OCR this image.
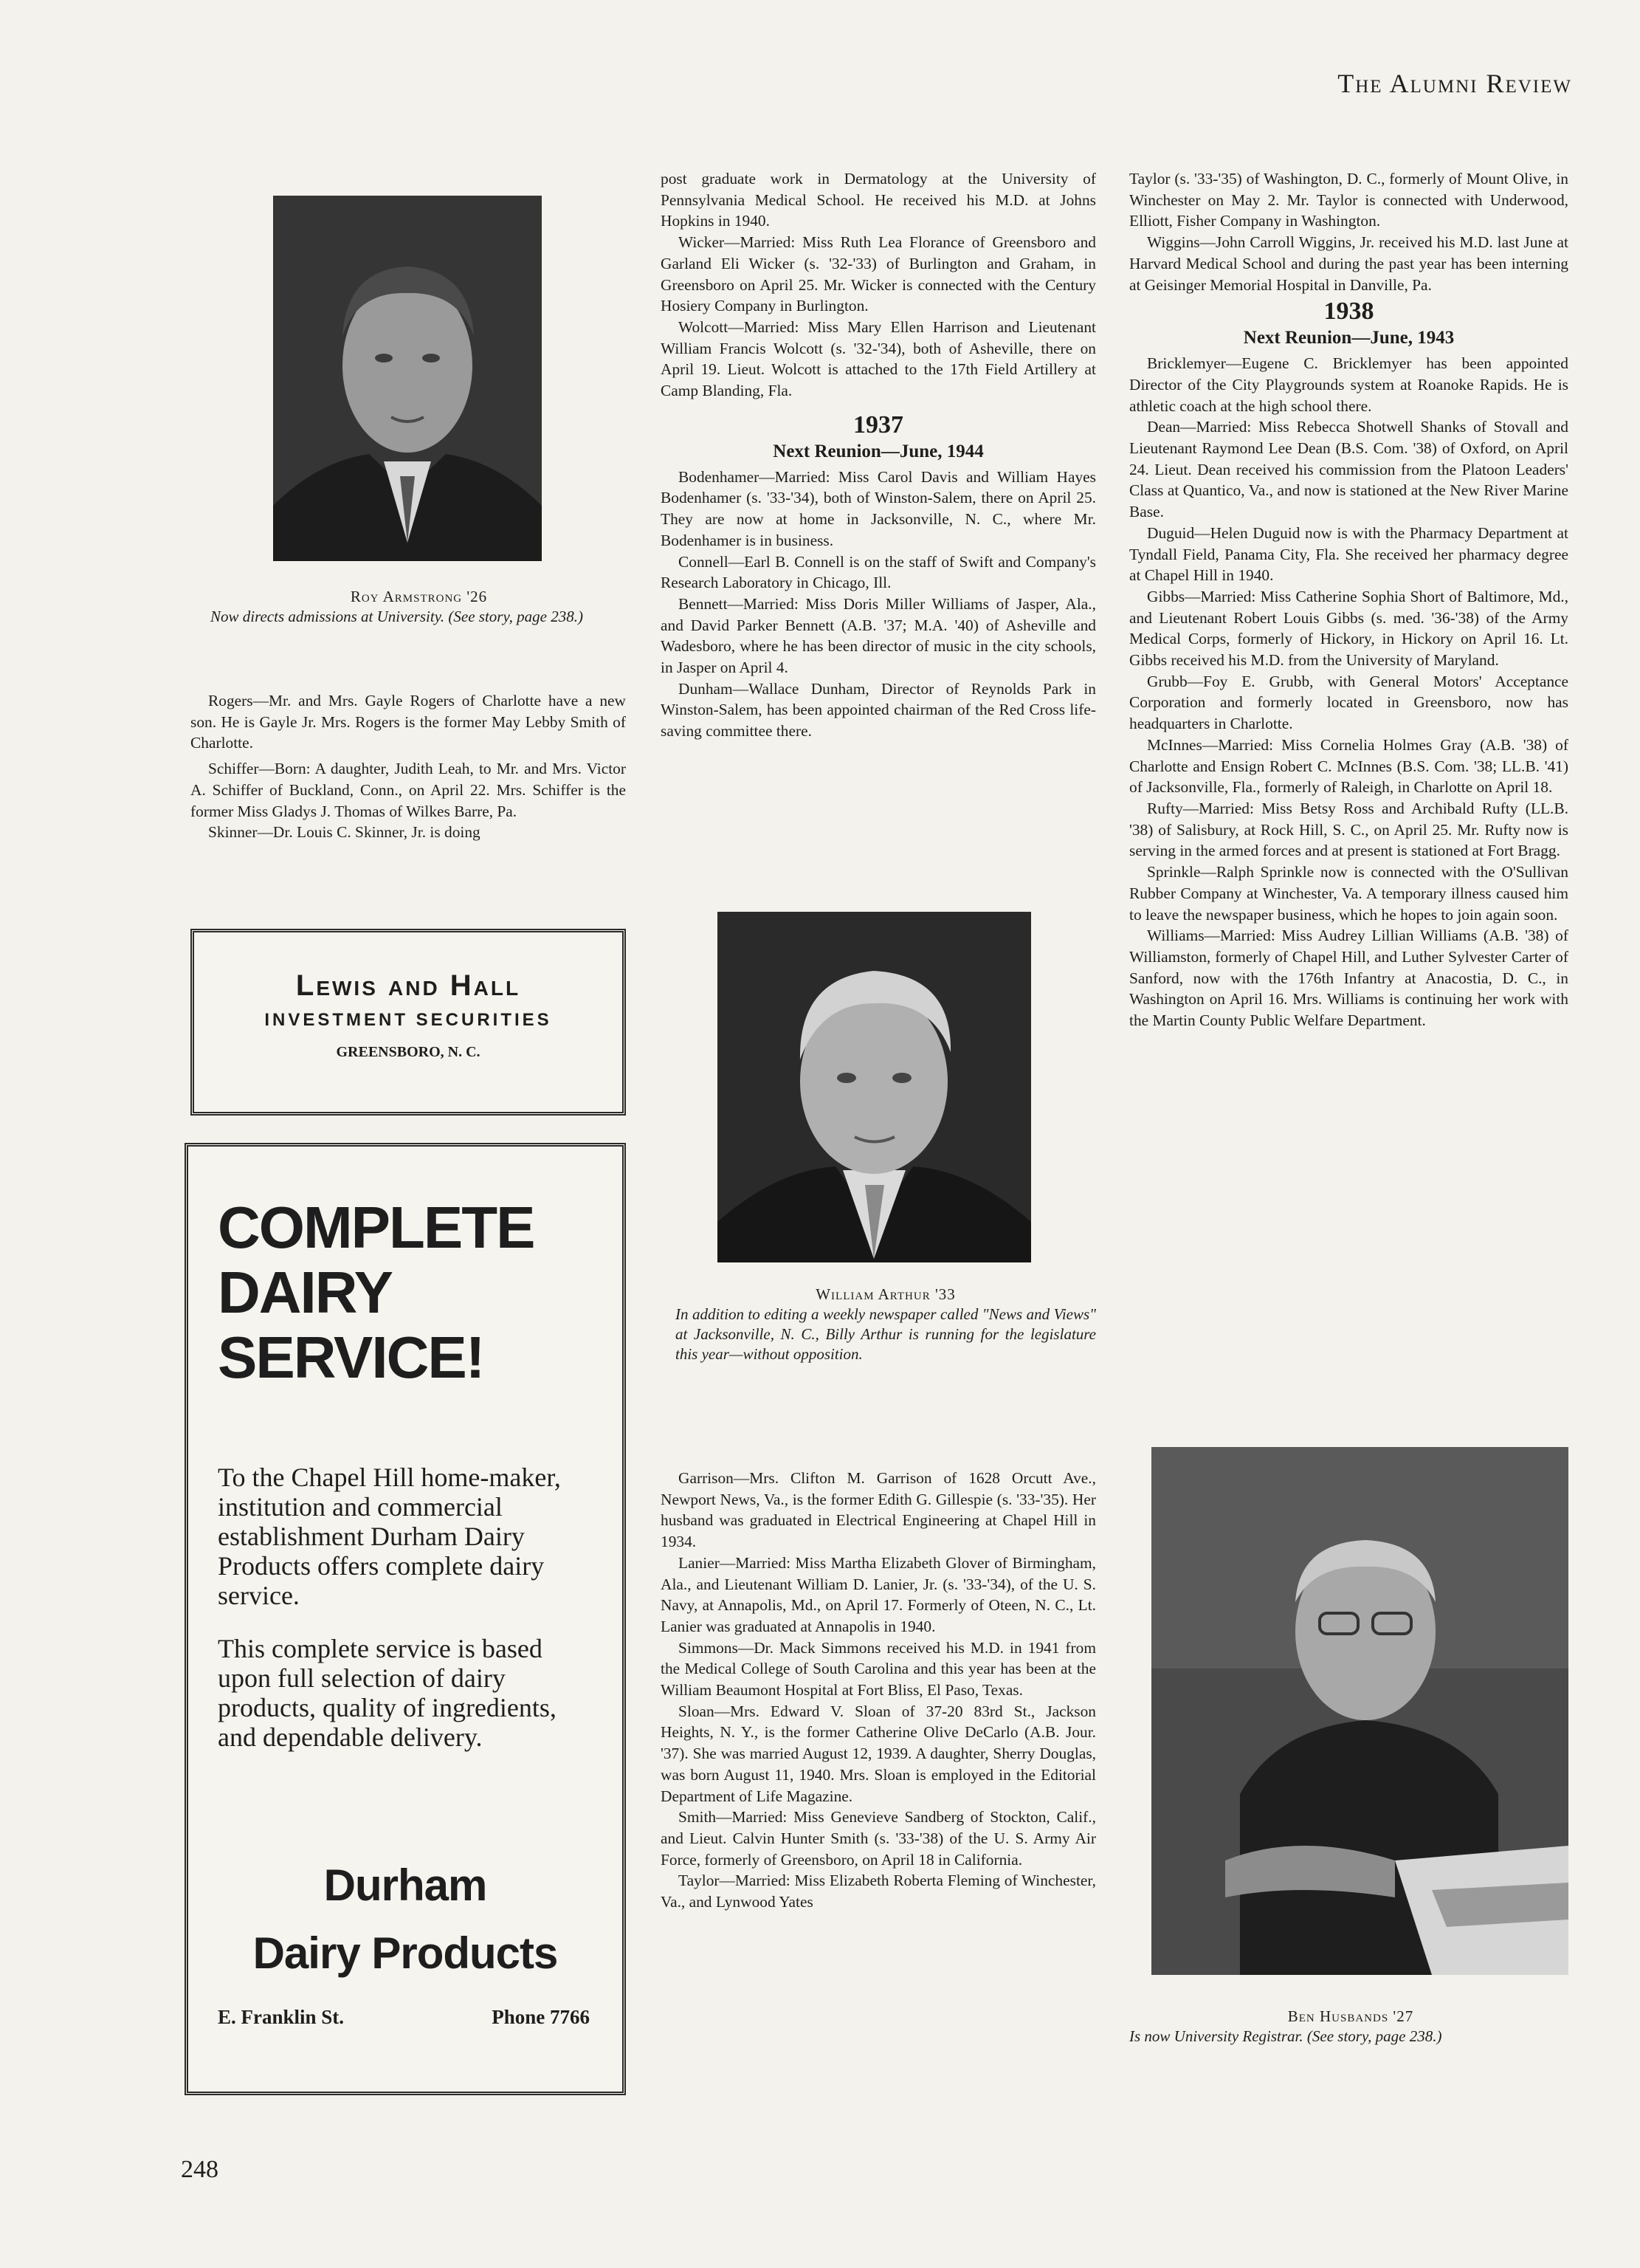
The Alumni Review
Roy Armstrong '26
Now directs admissions at University. (See story, page 238.)

Rogers—Mr. and Mrs. Gayle Rogers of Charlotte have a new son. He is Gayle Jr. Mrs. Rogers is the former May Lebby Smith of Charlotte.

Schiffer—Born: A daughter, Judith Leah, to Mr. and Mrs. Victor A. Schiffer of Buckland, Conn., on April 22. Mrs. Schiffer is the former Miss Gladys J. Thomas of Wilkes Barre, Pa.

Skinner—Dr. Louis C. Skinner, Jr. is doing

Lewis and Hall
INVESTMENT SECURITIES
GREENSBORO, N. C.
COMPLETE
DAIRY
SERVICE!
To the Chapel Hill home-maker, institution and commercial establishment Durham Dairy Products offers complete dairy service.
This complete service is based upon full selection of dairy products, quality of ingredients, and dependable delivery.
Durham
Dairy Products
E. Franklin St.	Phone 7766

post graduate work in Dermatology at the University of Pennsylvania Medical School. He received his M.D. at Johns Hopkins in 1940.

Wicker—Married: Miss Ruth Lea Florance of Greensboro and Garland Eli Wicker (s. '32-'33) of Burlington and Graham, in Greensboro on April 25. Mr. Wicker is connected with the Century Hosiery Company in Burlington.

Wolcott—Married: Miss Mary Ellen Harrison and Lieutenant William Francis Wolcott (s. '32-'34), both of Asheville, there on April 19. Lieut. Wolcott is attached to the 17th Field Artillery at Camp Blanding, Fla.

1937
Next Reunion—June, 1944

Bodenhamer—Married: Miss Carol Davis and William Hayes Bodenhamer (s. '33-'34), both of Winston-Salem, there on April 25. They are now at home in Jacksonville, N. C., where Mr. Bodenhamer is in business.

Connell—Earl B. Connell is on the staff of Swift and Company's Research Laboratory in Chicago, Ill.

Bennett—Married: Miss Doris Miller Williams of Jasper, Ala., and David Parker Bennett (A.B. '37; M.A. '40) of Asheville and Wadesboro, where he has been director of music in the city schools, in Jasper on April 4.

Dunham—Wallace Dunham, Director of Reynolds Park in Winston-Salem, has been appointed chairman of the Red Cross life-saving committee there.

William Arthur '33
In addition to editing a weekly newspaper called "News and Views" at Jacksonville, N. C., Billy Arthur is running for the legislature this year—without opposition.

Garrison—Mrs. Clifton M. Garrison of 1628 Orcutt Ave., Newport News, Va., is the former Edith G. Gillespie (s. '33-'35). Her husband was graduated in Electrical Engineering at Chapel Hill in 1934.

Lanier—Married: Miss Martha Elizabeth Glover of Birmingham, Ala., and Lieutenant William D. Lanier, Jr. (s. '33-'34), of the U. S. Navy, at Annapolis, Md., on April 17. Formerly of Oteen, N. C., Lt. Lanier was graduated at Annapolis in 1940.

Simmons—Dr. Mack Simmons received his M.D. in 1941 from the Medical College of South Carolina and this year has been at the William Beaumont Hospital at Fort Bliss, El Paso, Texas.

Sloan—Mrs. Edward V. Sloan of 37-20 83rd St., Jackson Heights, N. Y., is the former Catherine Olive DeCarlo (A.B. Jour. '37). She was married August 12, 1939. A daughter, Sherry Douglas, was born August 11, 1940. Mrs. Sloan is employed in the Editorial Department of Life Magazine.

Smith—Married: Miss Genevieve Sandberg of Stockton, Calif., and Lieut. Calvin Hunter Smith (s. '33-'38) of the U. S. Army Air Force, formerly of Greensboro, on April 18 in California.

Taylor—Married: Miss Elizabeth Roberta Fleming of Winchester, Va., and Lynwood Yates

Taylor (s. '33-'35) of Washington, D. C., formerly of Mount Olive, in Winchester on May 2. Mr. Taylor is connected with Underwood, Elliott, Fisher Company in Washington.

Wiggins—John Carroll Wiggins, Jr. received his M.D. last June at Harvard Medical School and during the past year has been interning at Geisinger Memorial Hospital in Danville, Pa.

1938
Next Reunion—June, 1943

Bricklemyer—Eugene C. Bricklemyer has been appointed Director of the City Playgrounds system at Roanoke Rapids. He is athletic coach at the high school there.

Dean—Married: Miss Rebecca Shotwell Shanks of Stovall and Lieutenant Raymond Lee Dean (B.S. Com. '38) of Oxford, on April 24. Lieut. Dean received his commission from the Platoon Leaders' Class at Quantico, Va., and now is stationed at the New River Marine Base.

Duguid—Helen Duguid now is with the Pharmacy Department at Tyndall Field, Panama City, Fla. She received her pharmacy degree at Chapel Hill in 1940.

Gibbs—Married: Miss Catherine Sophia Short of Baltimore, Md., and Lieutenant Robert Louis Gibbs (s. med. '36-'38) of the Army Medical Corps, formerly of Hickory, in Hickory on April 16. Lt. Gibbs received his M.D. from the University of Maryland.

Grubb—Foy E. Grubb, with General Motors' Acceptance Corporation and formerly located in Greensboro, now has headquarters in Charlotte.

McInnes—Married: Miss Cornelia Holmes Gray (A.B. '38) of Charlotte and Ensign Robert C. McInnes (B.S. Com. '38; LL.B. '41) of Jacksonville, Fla., formerly of Raleigh, in Charlotte on April 18.

Rufty—Married: Miss Betsy Ross and Archibald Rufty (LL.B. '38) of Salisbury, at Rock Hill, S. C., on April 25. Mr. Rufty now is serving in the armed forces and at present is stationed at Fort Bragg.

Sprinkle—Ralph Sprinkle now is connected with the O'Sullivan Rubber Company at Winchester, Va. A temporary illness caused him to leave the newspaper business, which he hopes to join again soon.

Williams—Married: Miss Audrey Lillian Williams (A.B. '38) of Williamston, formerly of Chapel Hill, and Luther Sylvester Carter of Sanford, now with the 176th Infantry at Anacostia, D. C., in Washington on April 16. Mrs. Williams is continuing her work with the Martin County Public Welfare Department.

Ben Husbands '27
Is now University Registrar. (See story, page 238.)
248
